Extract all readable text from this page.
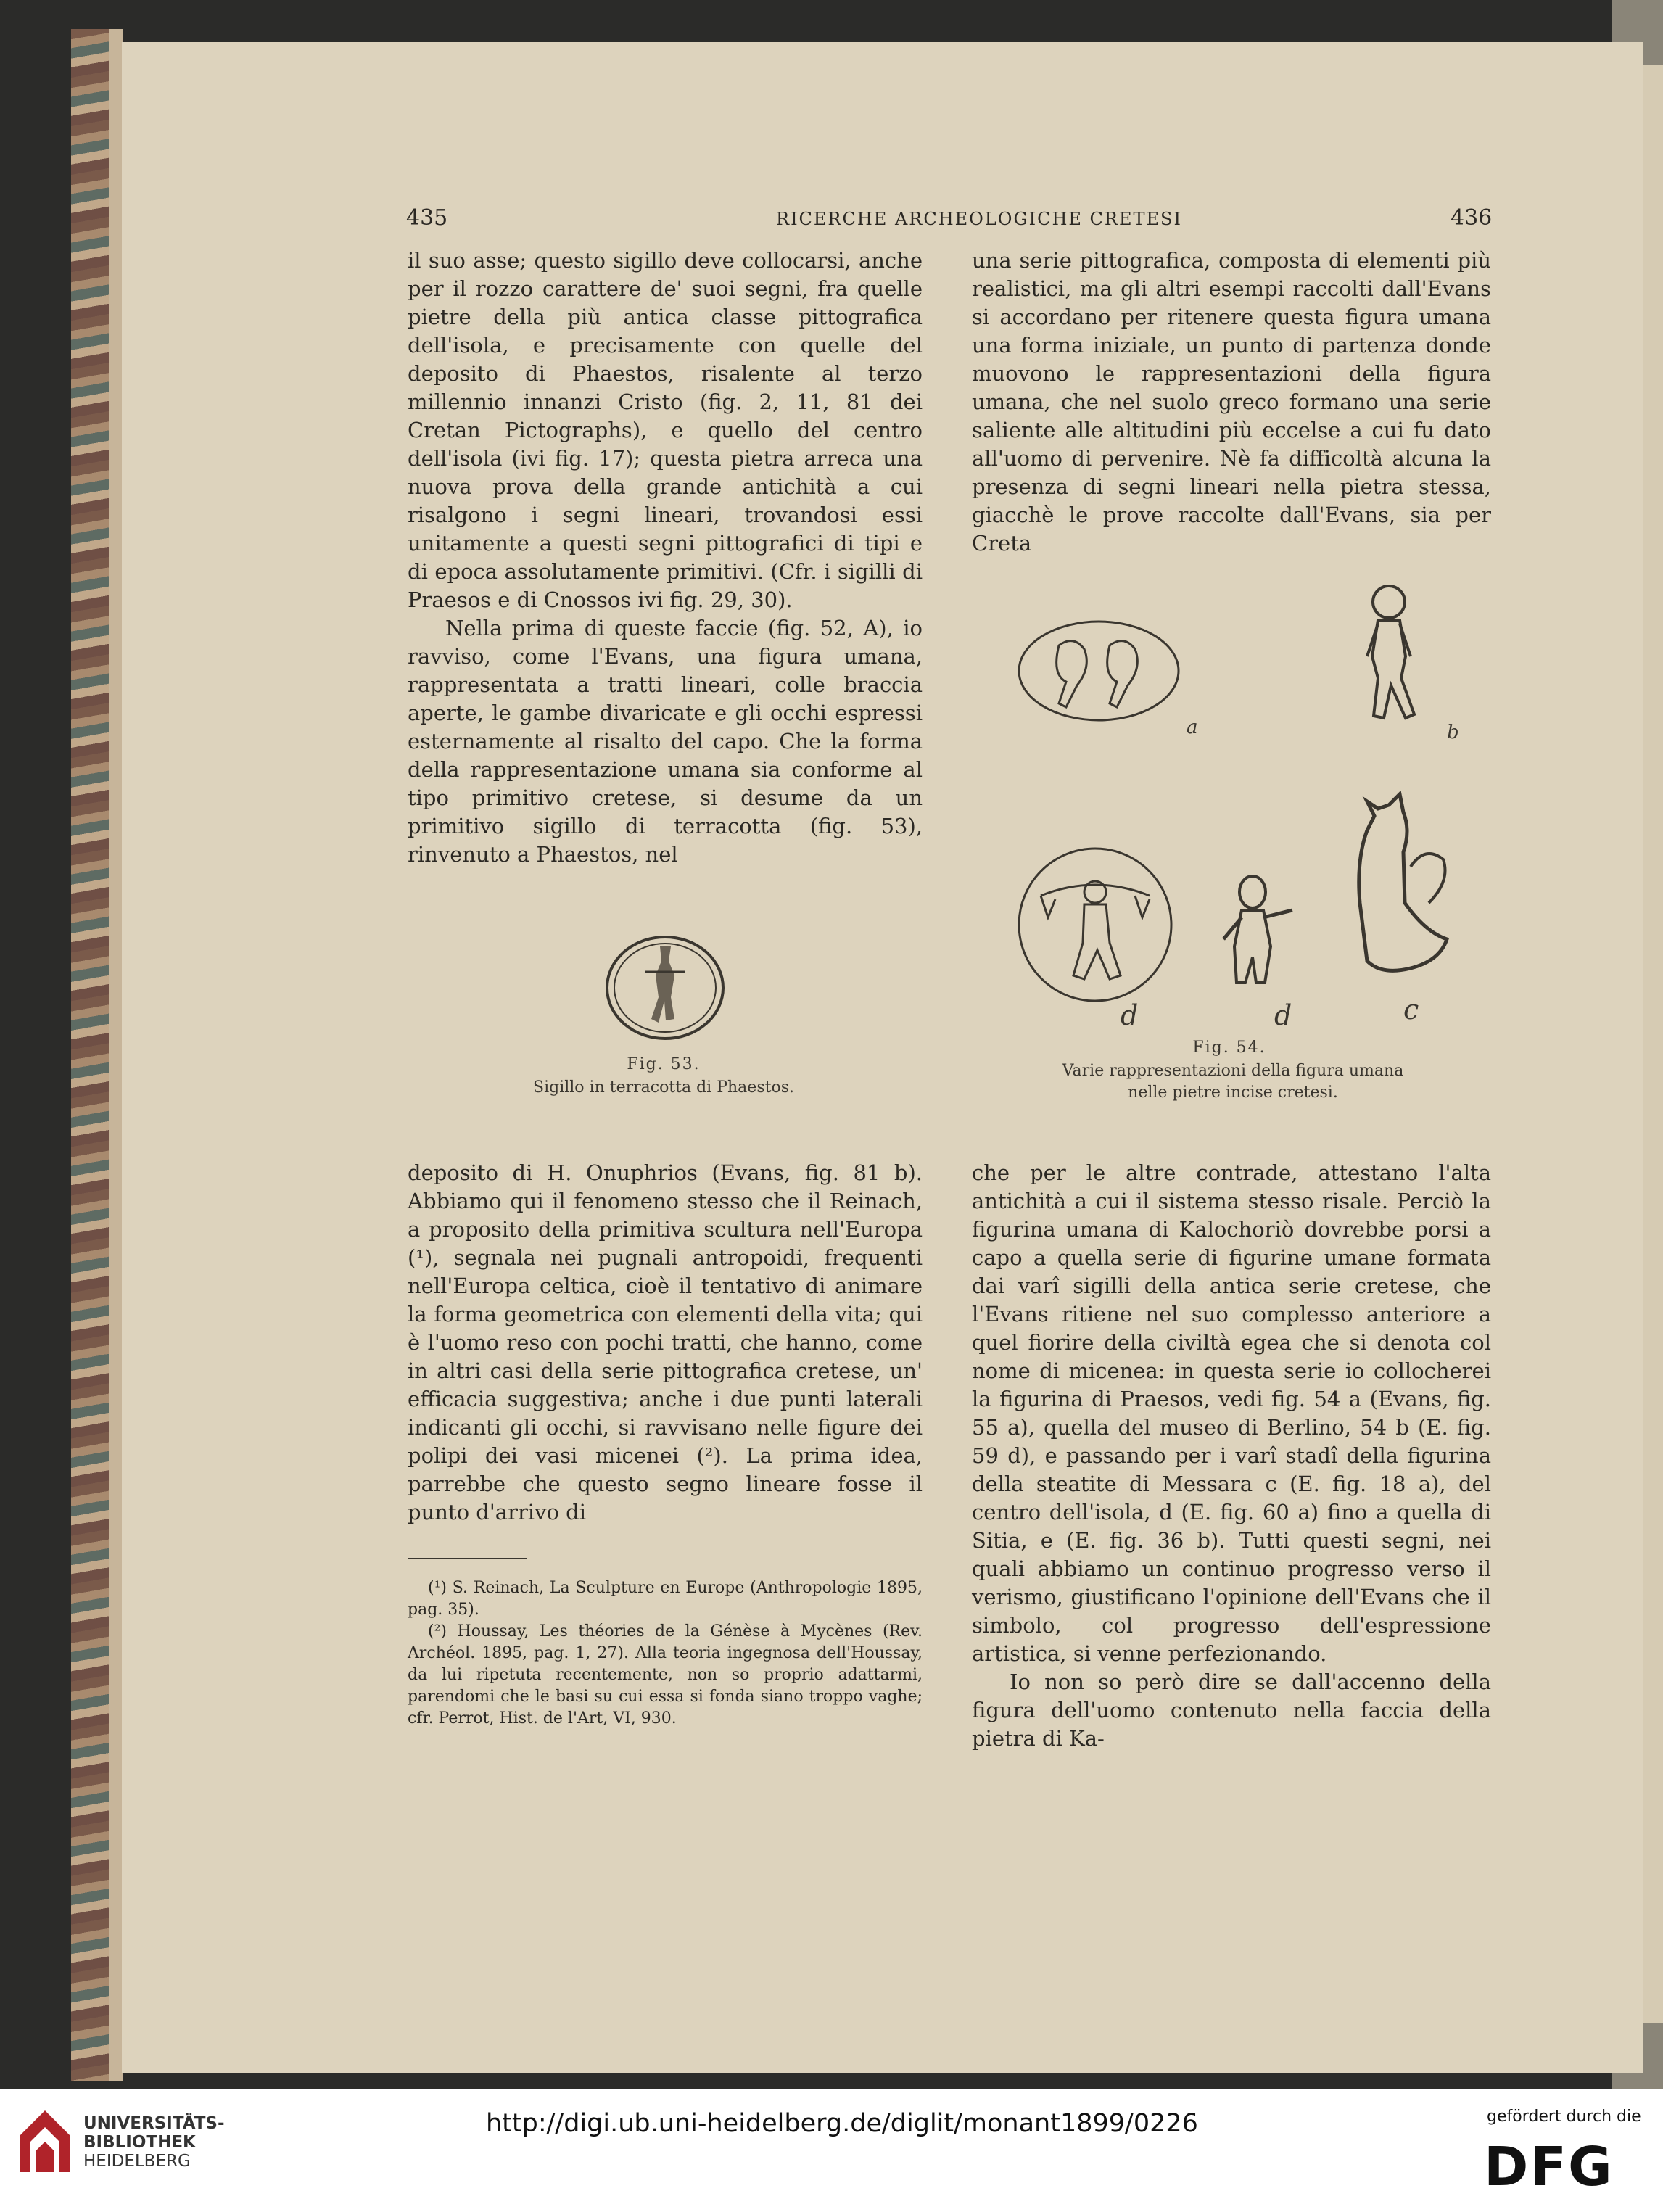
435	RICERCHE ARCHEOLOGICHE CRETESI	436

il suo asse; questo sigillo deve collocarsi, anche per il rozzo carattere de' suoi segni, fra quelle pietre della più antica classe pittografica dell'isola, e precisamente con quelle del deposito di Phaestos, risalente al terzo millennio innanzi Cristo (fig. 2, 11, 81 dei Cretan Pictographs), e quello del centro dell'isola (ivi fig. 17); questa pietra arreca una nuova prova della grande antichità a cui risalgono i segni lineari, trovandosi essi unitamente a questi segni pittografici di tipi e di epoca assolutamente primitivi. (Cfr. i sigilli di Praesos e di Cnossos ivi fig. 29, 30).

Nella prima di queste faccie (fig. 52, A), io ravviso, come l'Evans, una figura umana, rappresentata a tratti lineari, colle braccia aperte, le gambe divaricate e gli occhi espressi esternamente al risalto del capo. Che la forma della rappresentazione umana sia conforme al tipo primitivo cretese, si desume da un primitivo sigillo di terracotta (fig. 53), rinvenuto a Phaestos, nel

una serie pittografica, composta di elementi più realistici, ma gli altri esempi raccolti dall'Evans si accordano per ritenere questa figura umana una forma iniziale, un punto di partenza donde muovono le rappresentazioni della figura umana, che nel suolo greco formano una serie saliente alle altitudini più eccelse a cui fu dato all'uomo di pervenire. Nè fa difficoltà alcuna la presenza di segni lineari nella pietra stessa, giacchè le prove raccolte dall'Evans, sia per Creta

Fig. 53.
Sigillo in terracotta di Phaestos.
a	b
d	d	c
Fig. 54.
Varie rappresentazioni della figura umana
nelle pietre incise cretesi.

deposito di H. Onuphrios (Evans, fig. 81 b). Abbiamo qui il fenomeno stesso che il Reinach, a proposito della primitiva scultura nell'Europa (¹), segnala nei pugnali antropoidi, frequenti nell'Europa celtica, cioè il tentativo di animare la forma geometrica con elementi della vita; qui è l'uomo reso con pochi tratti, che hanno, come in altri casi della serie pittografica cretese, un' efficacia suggestiva; anche i due punti laterali indicanti gli occhi, si ravvisano nelle figure dei polipi dei vasi micenei (²). La prima idea, parrebbe che questo segno lineare fosse il punto d'arrivo di

(¹) S. Reinach, La Sculpture en Europe (Anthropologie 1895, pag. 35).

(²) Houssay, Les théories de la Génèse à Mycènes (Rev. Archéol. 1895, pag. 1, 27). Alla teoria ingegnosa dell'Houssay, da lui ripetuta recentemente, non so proprio adattarmi, parendomi che le basi su cui essa si fonda siano troppo vaghe; cfr. Perrot, Hist. de l'Art, VI, 930.

che per le altre contrade, attestano l'alta antichità a cui il sistema stesso risale. Perciò la figurina umana di Kalochoriò dovrebbe porsi a capo a quella serie di figurine umane formata dai varî sigilli della antica serie cretese, che l'Evans ritiene nel suo complesso anteriore a quel fiorire della civiltà egea che si denota col nome di micenea: in questa serie io collocherei la figurina di Praesos, vedi fig. 54 a (Evans, fig. 55 a), quella del museo di Berlino, 54 b (E. fig. 59 d), e passando per i varî stadî della figurina della steatite di Messara c (E. fig. 18 a), del centro dell'isola, d (E. fig. 60 a) fino a quella di Sitia, e (E. fig. 36 b). Tutti questi segni, nei quali abbiamo un continuo progresso verso il verismo, giustificano l'opinione dell'Evans che il simbolo, col progresso dell'espressione artistica, si venne perfezionando.

Io non so però dire se dall'accenno della figura dell'uomo contenuto nella faccia della pietra di Ka-

UNIVERSITÄTS-
BIBLIOTHEK
HEIDELBERG
http://digi.ub.uni-heidelberg.de/diglit/monant1899/0226	gefördert durch die
DFG
